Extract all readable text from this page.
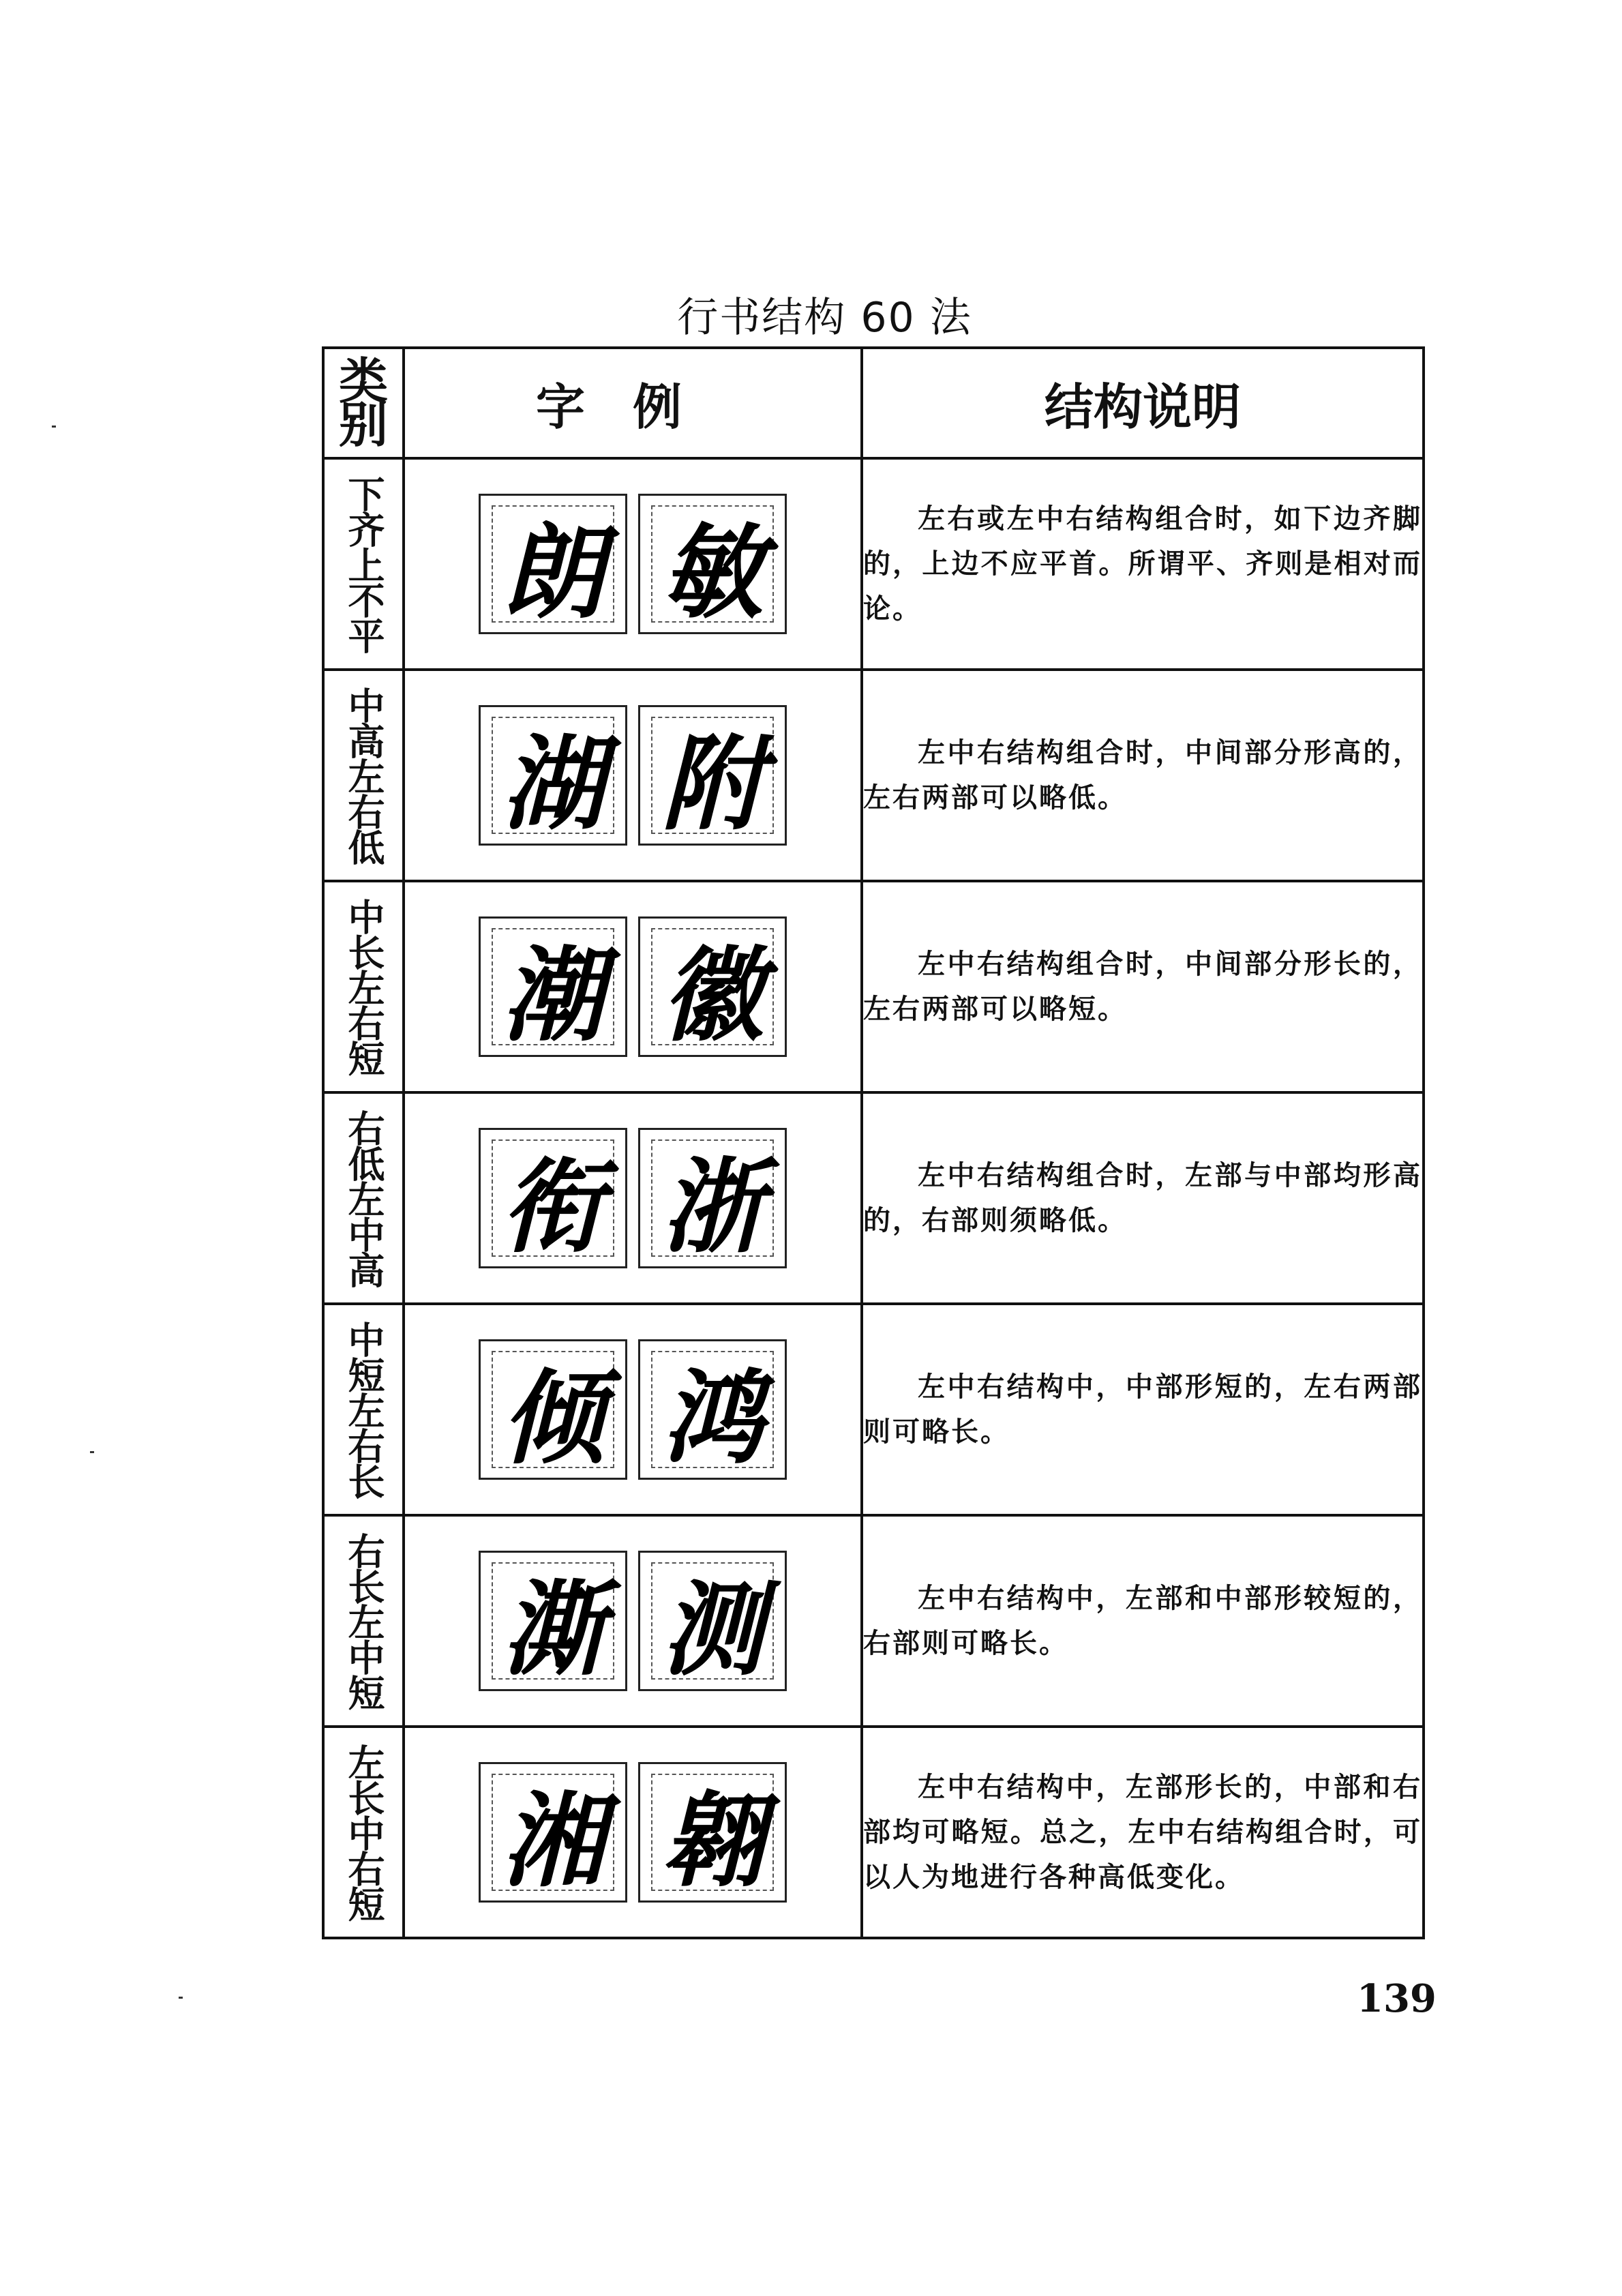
行书结构 60 法
类别	字例	结构说明
下齐上不平	朗 敏	左右或左中右结构组合时，如下边齐脚的，上边不应平首。所谓平、齐则是相对而论。
中高左右低	湖 附	左中右结构组合时，中间部分形高的，左右两部可以略低。
中长左右短	潮 徽	左中右结构组合时，中间部分形长的，左右两部可以略短。
右低左中高	衔 浙	左中右结构组合时，左部与中部均形高的，右部则须略低。
中短左右长	倾 鸿	左中右结构中，中部形短的，左右两部则可略长。
右长左中短	澌 测	左中右结构中，左部和中部形较短的，右部则可略长。
左长中右短	湘 翱	左中右结构中，左部形长的，中部和右部均可略短。总之，左中右结构组合时，可以人为地进行各种高低变化。
139
